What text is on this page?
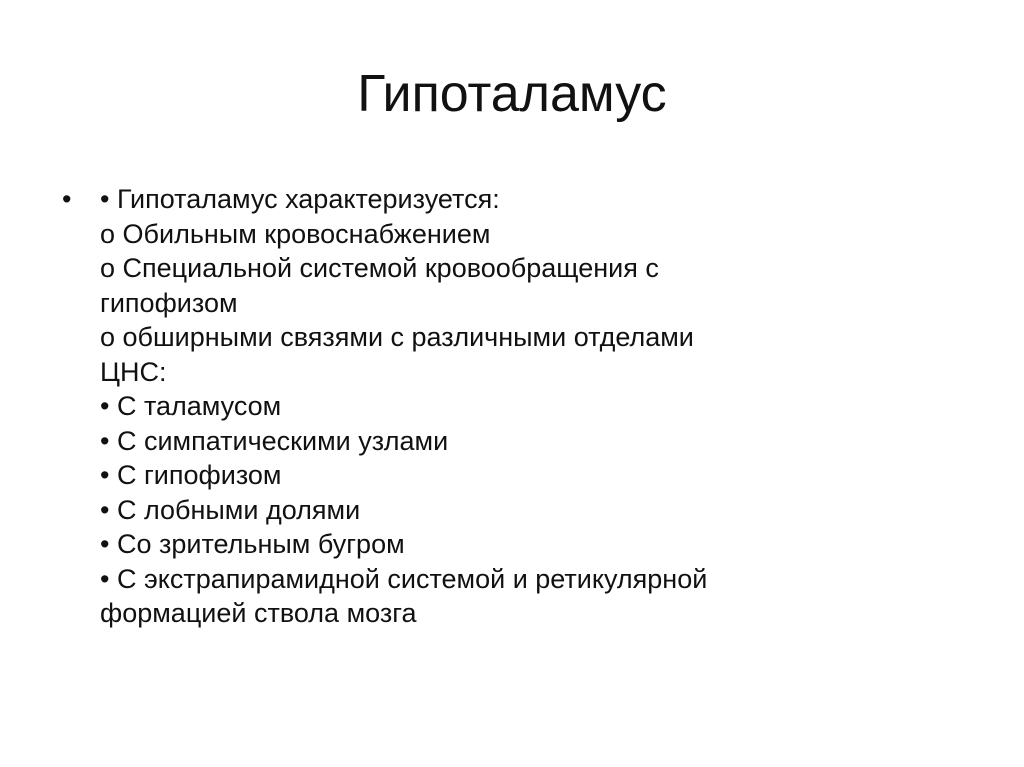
Гипоталамус
• • Гипоталамус характеризуется:
o Обильным кровоснабжением
o Специальной системой кровообращения с
гипофизом
o обширными связями с различными отделами
ЦНС:
• С таламусом
• С симпатическими узлами
• С гипофизом
• С лобными долями
• Со зрительным бугром
• С экстрапирамидной системой и ретикулярной
формацией ствола мозга
